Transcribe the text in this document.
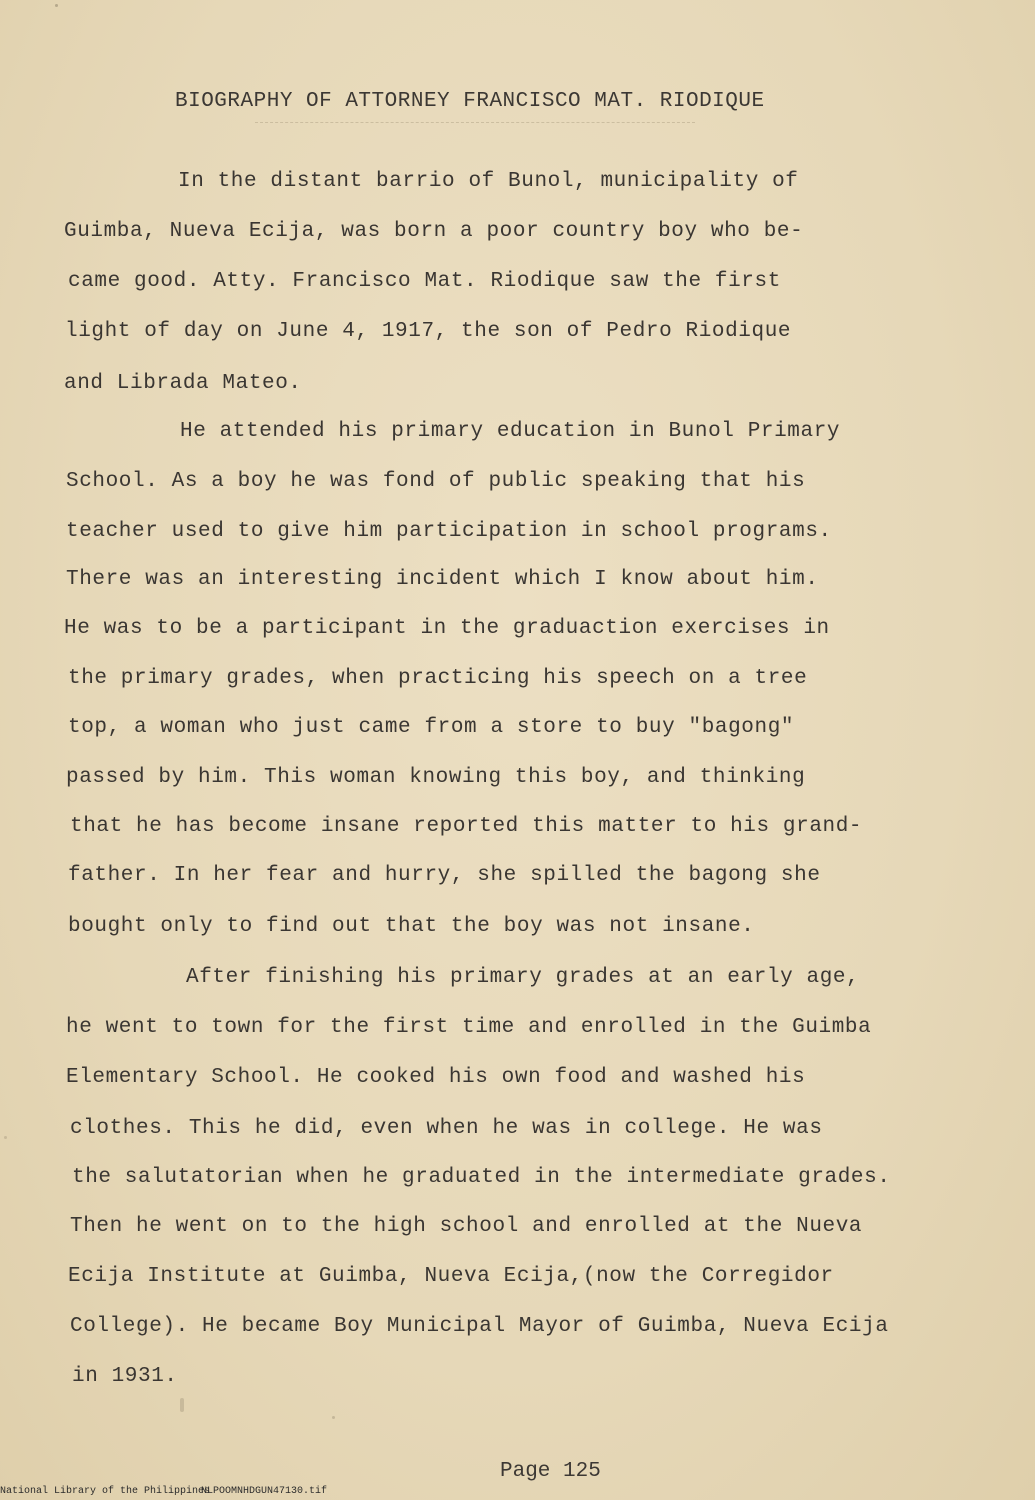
BIOGRAPHY OF ATTORNEY FRANCISCO MAT. RIODIQUE
In the distant barrio of Bunol, municipality of
Guimba, Nueva Ecija, was born a poor country boy who be-
came good. Atty. Francisco Mat. Riodique saw the first
light of day on June 4, 1917, the son of Pedro Riodique
and Librada Mateo.
He attended his primary education in Bunol Primary
School. As a boy he was fond of public speaking that his
teacher used to give him participation in school programs.
There was an interesting incident which I know about him.
He was to be a participant in the graduaction exercises in
the primary grades, when practicing his speech on a tree
top, a woman who just came from a store to buy "bagong"
passed by him. This woman knowing this boy, and thinking
that he has become insane reported this matter to his grand-
father. In her fear and hurry, she spilled the bagong she
bought only to find out that the boy was not insane.
After finishing his primary grades at an early age,
he went to town for the first time and enrolled in the Guimba
Elementary School. He cooked his own food and washed his
clothes. This he did, even when he was in college. He was
the salutatorian when he graduated in the intermediate grades.
Then he went on to the high school and enrolled at the Nueva
Ecija Institute at Guimba, Nueva Ecija,(now the Corregidor
College). He became Boy Municipal Mayor of Guimba, Nueva Ecija
in 1931.
Page 125
National Library of the Philippines
NLPOOMNHDGUN47130.tif
